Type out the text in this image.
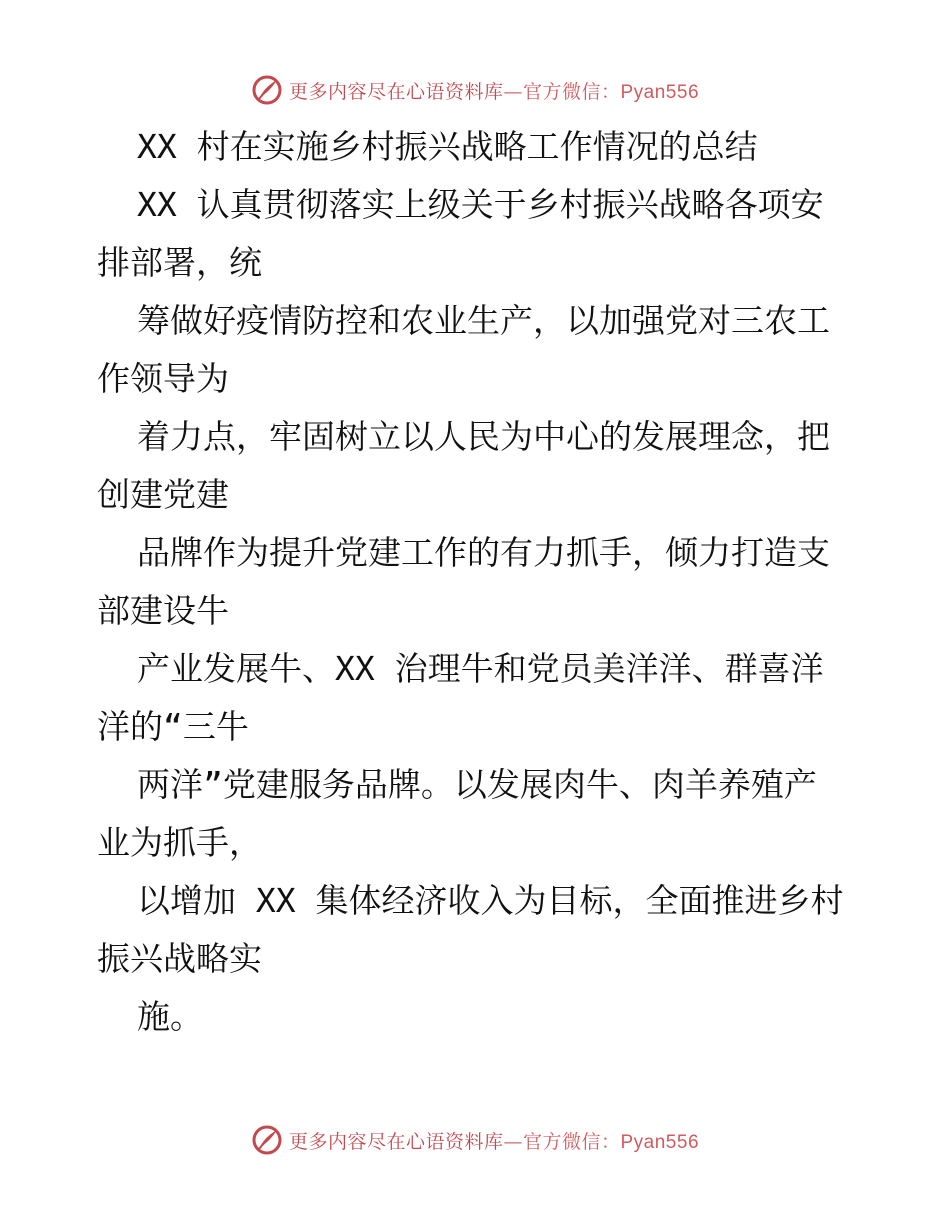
更多内容尽在心语资料库—官方微信：Pyan556
XX 村在实施乡村振兴战略工作情况的总结
XX 认真贯彻落实上级关于乡村振兴战略各项安
排部署，统
筹做好疫情防控和农业生产，以加强党对三农工
作领导为
着力点，牢固树立以人民为中心的发展理念，把
创建党建
品牌作为提升党建工作的有力抓手，倾力打造支
部建设牛
产业发展牛、XX 治理牛和党员美洋洋、群喜洋
洋的“三牛
两洋”党建服务品牌。以发展肉牛、肉羊养殖产
业为抓手，
以增加 XX 集体经济收入为目标，全面推进乡村
振兴战略实
施。
更多内容尽在心语资料库—官方微信：Pyan556
